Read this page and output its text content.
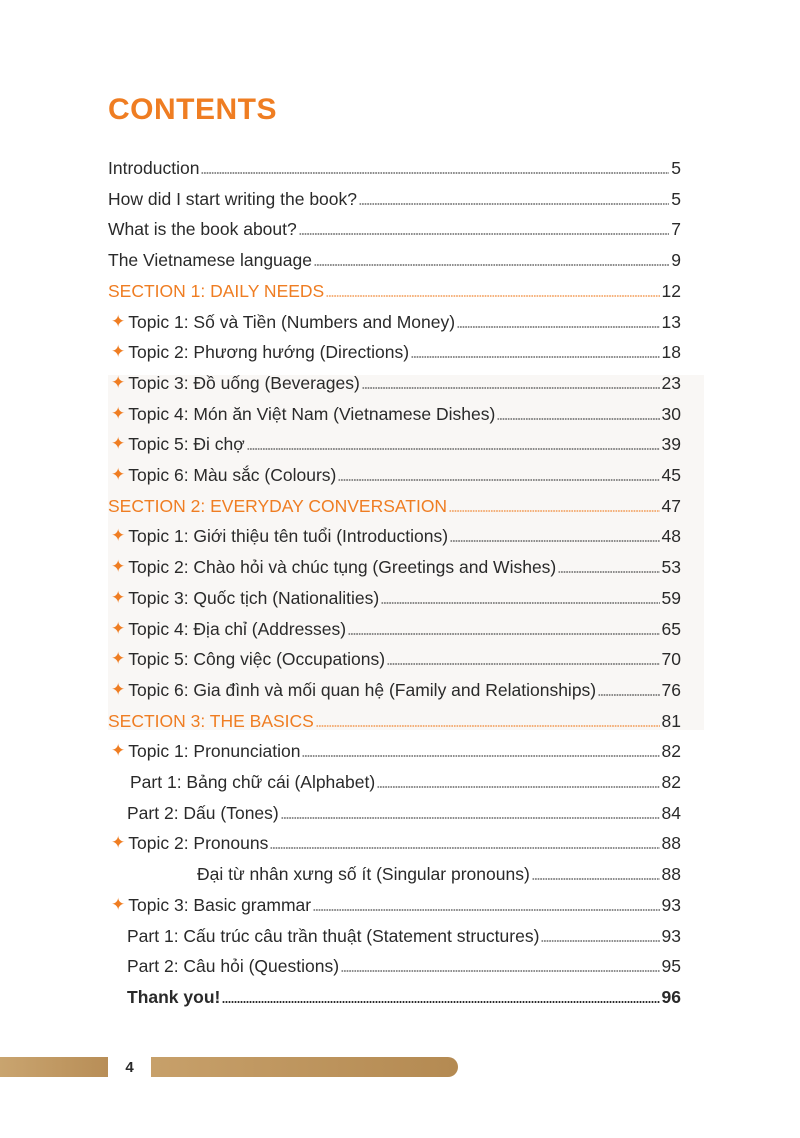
CONTENTS
Introduction	5
How did I start writing the book?	5
What is the book about?	7
The Vietnamese language	9
SECTION 1: DAILY NEEDS	12
✦ Topic 1: Số và Tiền (Numbers and Money)	13
✦ Topic 2: Phương hướng (Directions)	18
✦ Topic 3: Đồ uống (Beverages)	23
✦ Topic 4: Món ăn Việt Nam (Vietnamese Dishes)	30
✦ Topic 5: Đi chợ	39
✦ Topic 6: Màu sắc (Colours)	45
SECTION 2: EVERYDAY CONVERSATION	47
✦ Topic 1: Giới thiệu tên tuổi (Introductions)	48
✦ Topic 2: Chào hỏi và chúc tụng (Greetings and Wishes)	53
✦ Topic 3: Quốc tịch (Nationalities)	59
✦ Topic 4: Địa chỉ (Addresses)	65
✦ Topic 5: Công việc (Occupations)	70
✦ Topic 6: Gia đình và mối quan hệ (Family and Relationships)	76
SECTION 3: THE BASICS	81
✦ Topic 1: Pronunciation	82
Part 1: Bảng chữ cái (Alphabet)	82
Part 2: Dấu (Tones)	84
✦ Topic 2: Pronouns	88
Đại từ nhân xưng số ít (Singular pronouns)	88
✦ Topic 3: Basic grammar	93
Part 1: Cấu trúc câu trần thuật (Statement structures)	93
Part 2: Câu hỏi (Questions)	95
Thank you!	96
4
